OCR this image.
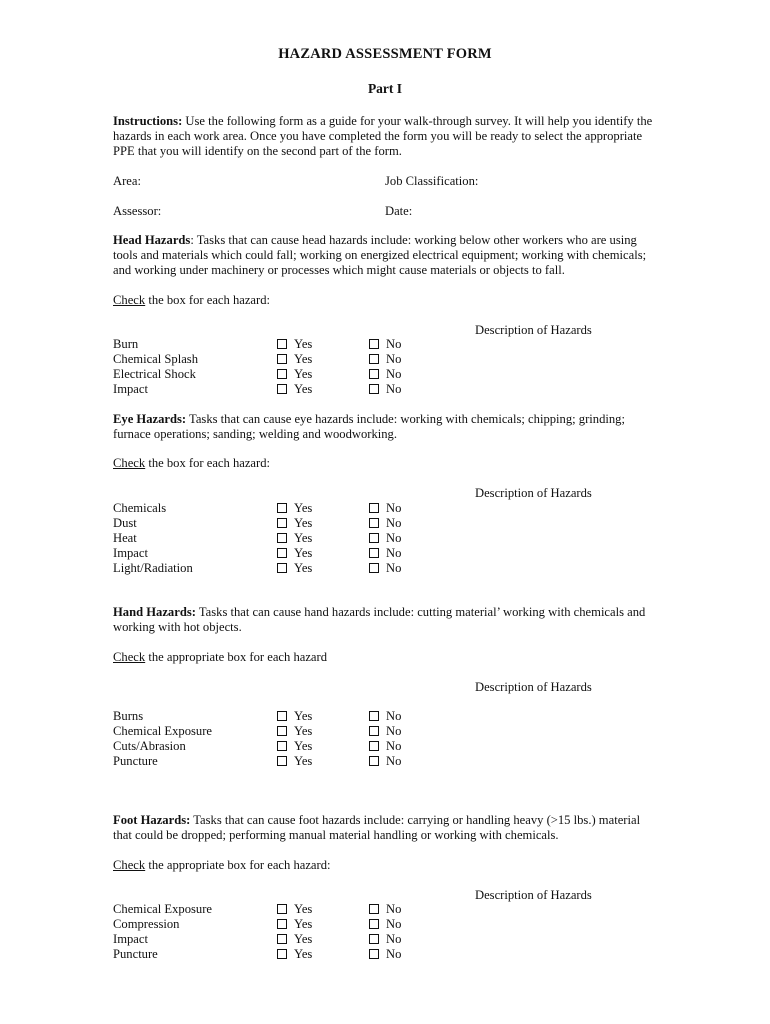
HAZARD ASSESSMENT FORM
Part I
Instructions: Use the following form as a guide for your walk-through survey. It will help you identify the hazards in each work area. Once you have completed the form you will be ready to select the appropriate PPE that you will identify on the second part of the form.
Area:	Job Classification:
Assessor:	Date:
Head Hazards: Tasks that can cause head hazards include: working below other workers who are using tools and materials which could fall; working on energized electrical equipment; working with chemicals; and working under machinery or processes which might cause materials or objects to fall.
Check the box for each hazard:
Description of Hazards
Burn	Yes	No
Chemical Splash	Yes	No
Electrical Shock	Yes	No
Impact	Yes	No
Eye Hazards: Tasks that can cause eye hazards include: working with chemicals; chipping; grinding; furnace operations; sanding; welding and woodworking.
Check the box for each hazard:
Description of Hazards
Chemicals	Yes	No
Dust	Yes	No
Heat	Yes	No
Impact	Yes	No
Light/Radiation	Yes	No
Hand Hazards: Tasks that can cause hand hazards include: cutting material’ working with chemicals and working with hot objects.
Check the appropriate box for each hazard
Description of Hazards
Burns	Yes	No
Chemical Exposure	Yes	No
Cuts/Abrasion	Yes	No
Puncture	Yes	No
Foot Hazards: Tasks that can cause foot hazards include: carrying or handling heavy (>15 lbs.) material that could be dropped; performing manual material handling or working with chemicals.
Check the appropriate box for each hazard:
Description of Hazards
Chemical Exposure	Yes	No
Compression	Yes	No
Impact	Yes	No
Puncture	Yes	No
